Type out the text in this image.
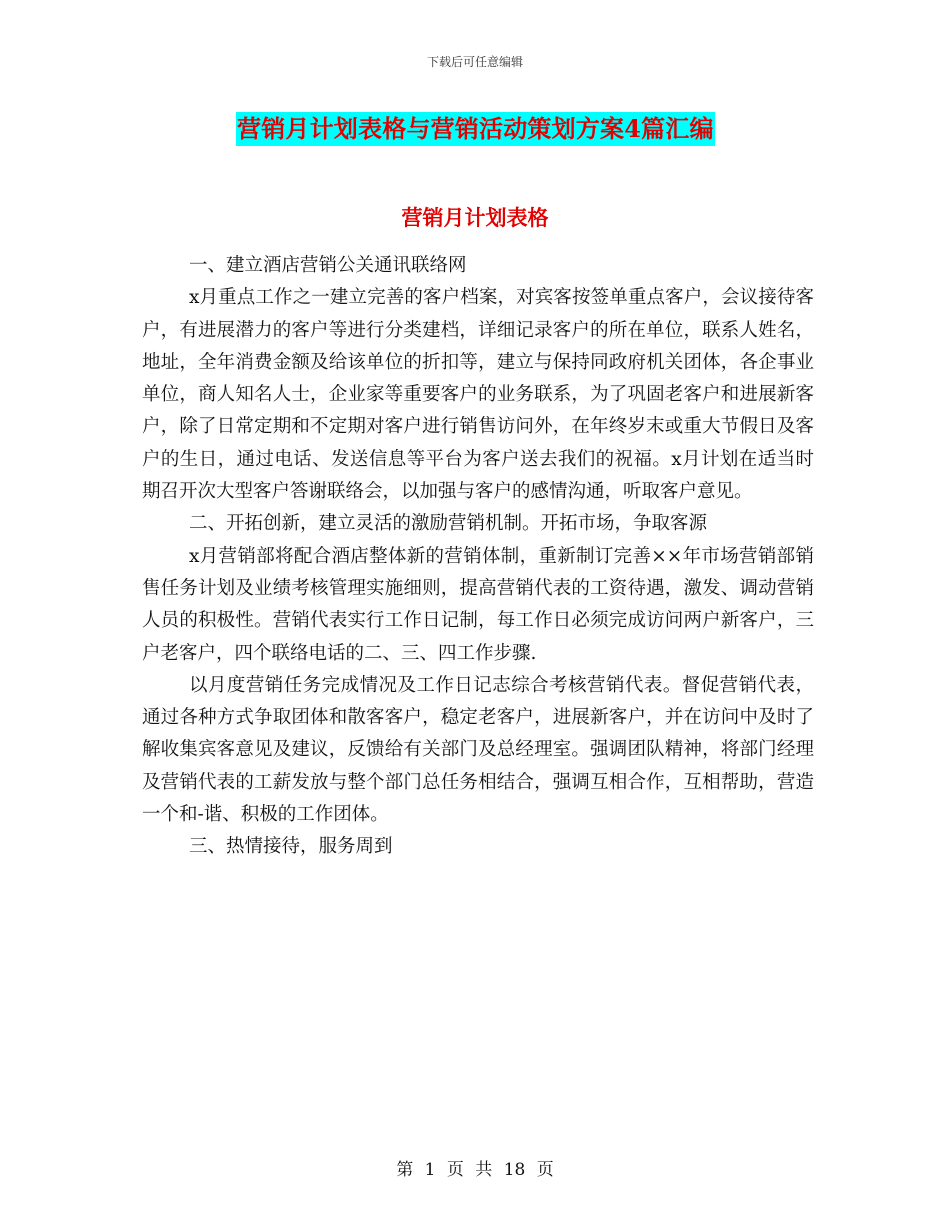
下载后可任意编辑
营销月计划表格与营销活动策划方案4篇汇编
营销月计划表格

一、建立酒店营销公关通讯联络网

x月重点工作之一建立完善的客户档案，对宾客按签单重点客户，会议接待客户，有进展潜力的客户等进行分类建档，详细记录客户的所在单位，联系人姓名，地址，全年消费金额及给该单位的折扣等，建立与保持同政府机关团体，各企事业单位，商人知名人士，企业家等重要客户的业务联系，为了巩固老客户和进展新客户，除了日常定期和不定期对客户进行销售访问外，在年终岁末或重大节假日及客户的生日，通过电话、发送信息等平台为客户送去我们的祝福。x月计划在适当时期召开次大型客户答谢联络会，以加强与客户的感情沟通，听取客户意见。

二、开拓创新，建立灵活的激励营销机制。开拓市场，争取客源

x月营销部将配合酒店整体新的营销体制，重新制订完善××年市场营销部销售任务计划及业绩考核管理实施细则，提高营销代表的工资待遇，激发、调动营销人员的积极性。营销代表实行工作日记制，每工作日必须完成访问两户新客户，三户老客户，四个联络电话的二、三、四工作步骤.

以月度营销任务完成情况及工作日记志综合考核营销代表。督促营销代表，通过各种方式争取团体和散客客户，稳定老客户，进展新客户，并在访问中及时了解收集宾客意见及建议，反馈给有关部门及总经理室。强调团队精神，将部门经理及营销代表的工薪发放与整个部门总任务相结合，强调互相合作，互相帮助，营造一个和-谐、积极的工作团体。

三、热情接待，服务周到

第 1 页 共 18 页
